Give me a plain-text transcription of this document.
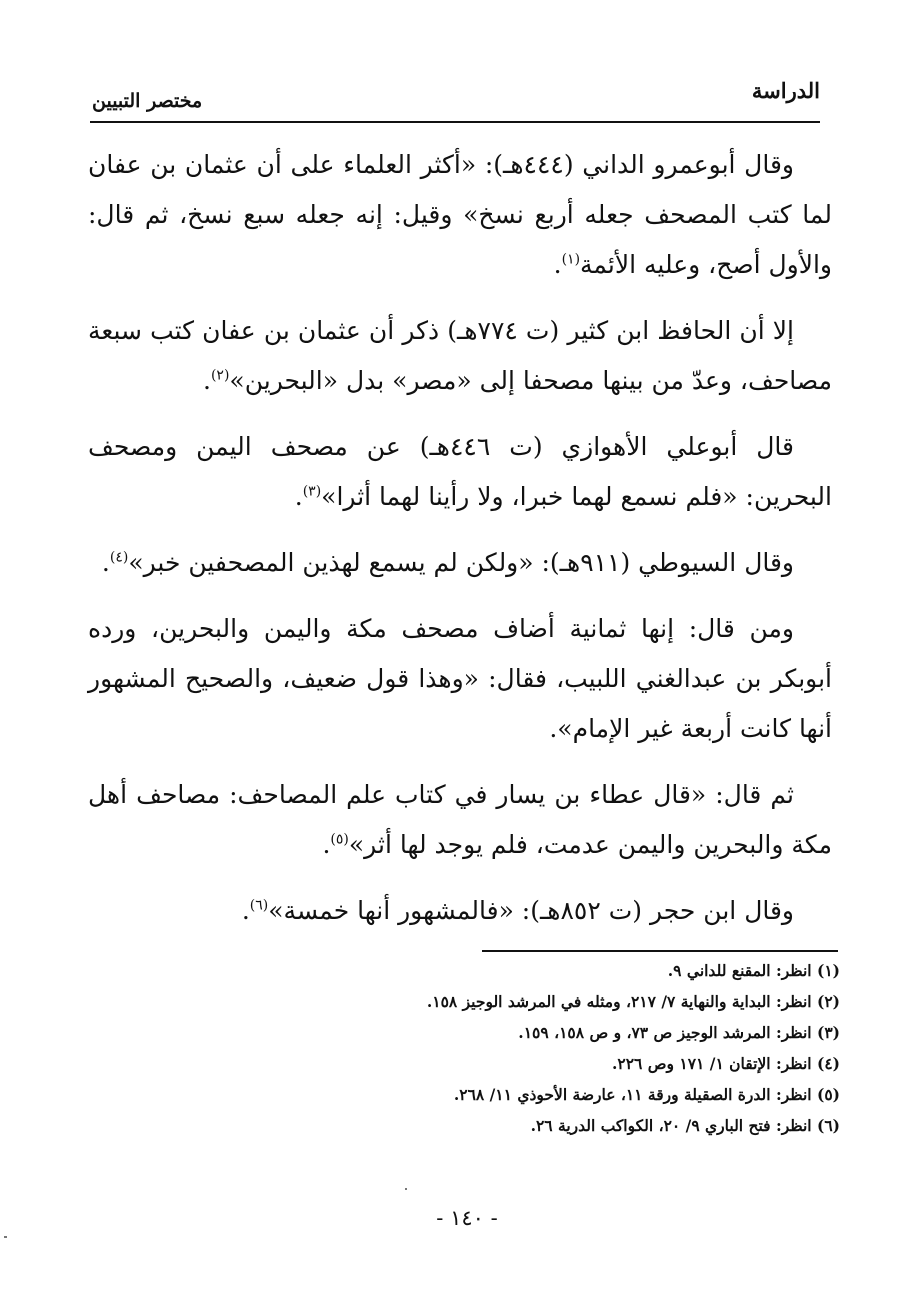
الدراسة
مختصر التبيين

وقال أبوعمرو الداني (٤٤٤هـ): «أكثر العلماء على أن عثمان بن عفان لما كتب المصحف جعله أربع نسخ» وقيل: إنه جعله سبع نسخ، ثم قال: والأول أصح، وعليه الأئمة$^{(١)}$.

إلا أن الحافظ ابن كثير (ت ٧٧٤هـ) ذكر أن عثمان بن عفان كتب سبعة مصاحف، وعدّ من بينها مصحفا إلى «مصر» بدل «البحرين»$^{(٢)}$.

قال أبوعلي الأهوازي (ت ٤٤٦هـ) عن مصحف اليمن ومصحف البحرين: «فلم نسمع لهما خبرا، ولا رأينا لهما أثرا»$^{(٣)}$.

وقال السيوطي (٩١١هـ): «ولكن لم يسمع لهذين المصحفين خبر»$^{(٤)}$.

ومن قال: إنها ثمانية أضاف مصحف مكة واليمن والبحرين، ورده أبوبكر بن عبدالغني اللبيب، فقال: «وهذا قول ضعيف، والصحيح المشهور أنها كانت أربعة غير الإمام».

ثم قال: «قال عطاء بن يسار في كتاب علم المصاحف: مصاحف أهل مكة والبحرين واليمن عدمت، فلم يوجد لها أثر»$^{(٥)}$.

وقال ابن حجر (ت ٨٥٢هـ): «فالمشهور أنها خمسة»$^{(٦)}$.

(١) انظر: المقنع للداني ٩.

(٢) انظر: البداية والنهاية ٧/ ٢١٧، ومثله في المرشد الوجيز ١٥٨.

(٣) انظر: المرشد الوجيز ص ٧٣، و ص ١٥٨، ١٥٩.

(٤) انظر: الإتقان ١/ ١٧١ وص ٢٢٦.

(٥) انظر: الدرة الصقيلة ورقة ١١، عارضة الأحوذي ١١/ ٢٦٨.

(٦) انظر: فتح الباري ٩/ ٢٠، الكواكب الدرية ٢٦.

- ١٤٠ -
